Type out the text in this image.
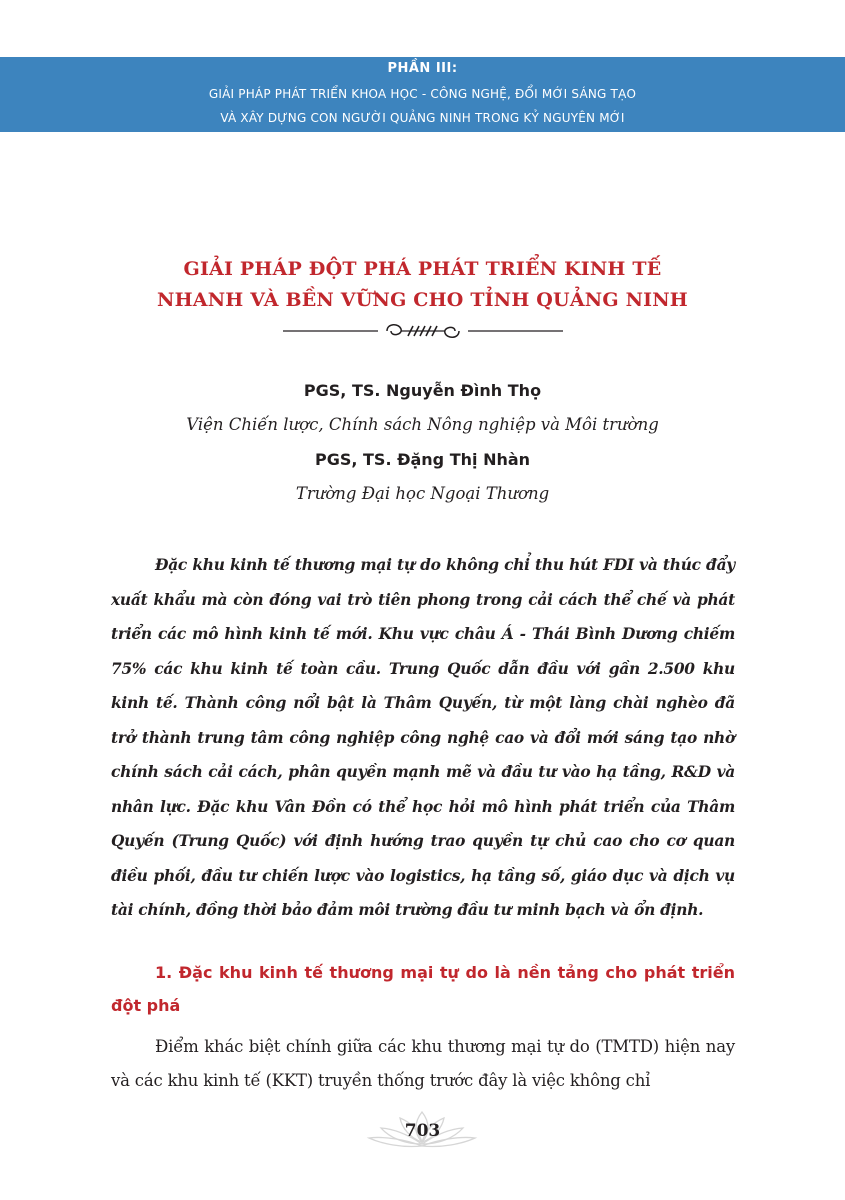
PHẦN III:
GIẢI PHÁP PHÁT TRIỂN KHOA HỌC - CÔNG NGHỆ, ĐỔI MỚI SÁNG TẠO
VÀ XÂY DỰNG CON NGƯỜI QUẢNG NINH TRONG KỶ NGUYÊN MỚI
GIẢI PHÁP ĐỘT PHÁ PHÁT TRIỂN KINH TẾ
NHANH VÀ BỀN VỮNG CHO TỈNH QUẢNG NINH
PGS, TS. Nguyễn Đình Thọ
Viện Chiến lược, Chính sách Nông nghiệp và Môi trường
PGS, TS. Đặng Thị Nhàn
Trường Đại học Ngoại Thương
Đặc khu kinh tế thương mại tự do không chỉ thu hút FDI và thúc đẩy xuất khẩu mà còn đóng vai trò tiên phong trong cải cách thể chế và phát triển các mô hình kinh tế mới. Khu vực châu Á - Thái Bình Dương chiếm 75% các khu kinh tế toàn cầu. Trung Quốc dẫn đầu với gần 2.500 khu kinh tế. Thành công nổi bật là Thâm Quyến, từ một làng chài nghèo đã trở thành trung tâm công nghiệp công nghệ cao và đổi mới sáng tạo nhờ chính sách cải cách, phân quyền mạnh mẽ và đầu tư vào hạ tầng, R&D và nhân lực. Đặc khu Vân Đồn có thể học hỏi mô hình phát triển của Thâm Quyến (Trung Quốc) với định hướng trao quyền tự chủ cao cho cơ quan điều phối, đầu tư chiến lược vào logistics, hạ tầng số, giáo dục và dịch vụ tài chính, đồng thời bảo đảm môi trường đầu tư minh bạch và ổn định.
1. Đặc khu kinh tế thương mại tự do là nền tảng cho phát triển đột phá
Điểm khác biệt chính giữa các khu thương mại tự do (TMTD) hiện nay và các khu kinh tế (KKT) truyền thống trước đây là việc không chỉ
703
